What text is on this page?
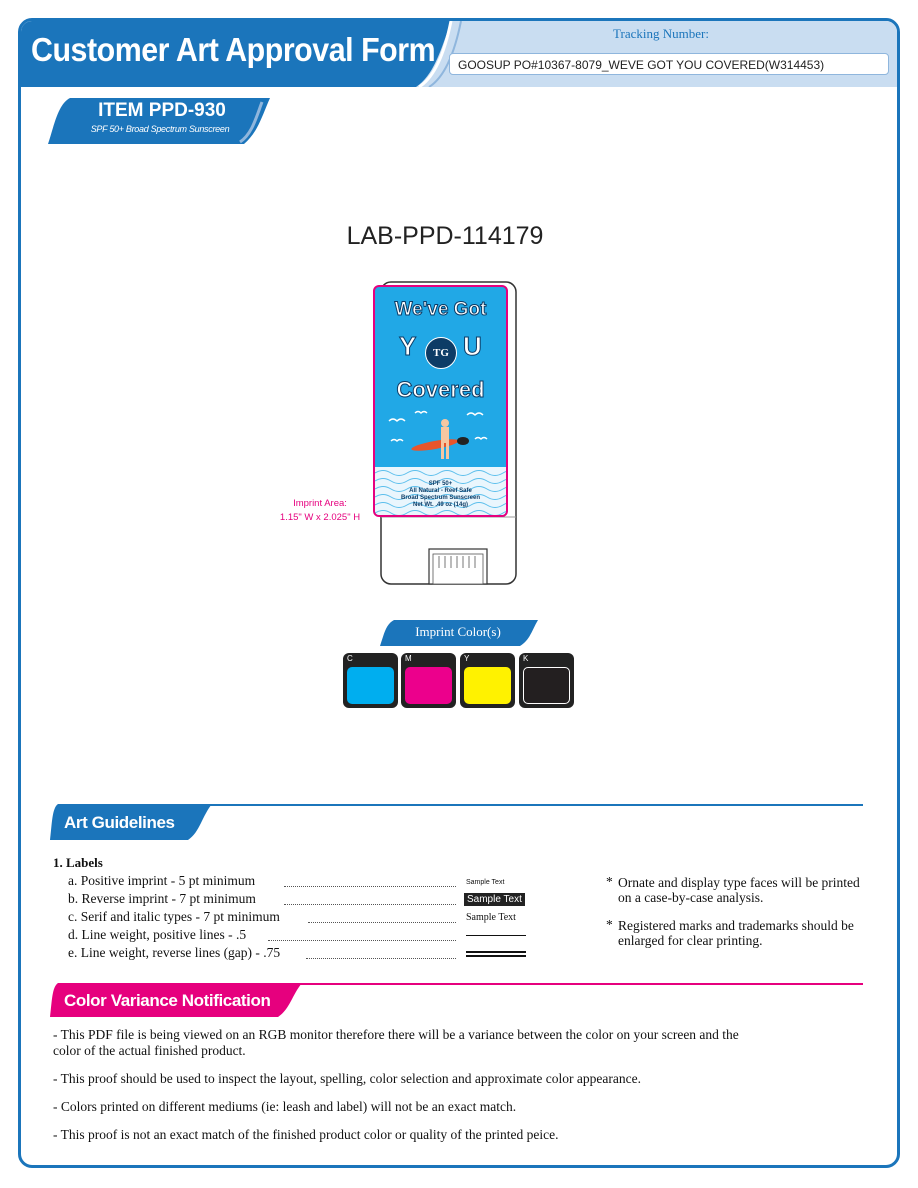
Customer Art Approval Form	Tracking Number:
GOOSUP PO#10367-8079_WEVE GOT YOU COVERED(W314453)
ITEM PPD-930
SPF 50+ Broad Spectrum Sunscreen
LAB-PPD-114179
We've Got
Y	TG U
Covered
SPF 50+
All Natural - Reef Safe
Broad Spectrum Sunscreen
Net Wt. .49 oz (14g)
Imprint Area:
1.15" W x 2.025" H
Imprint Color(s)
C	M	Y	K
Art Guidelines
1. Labels
a. Positive imprint - 5 pt minimum	Sample Text
b. Reverse imprint - 7 pt minimum	Sample Text
c. Serif and italic types - 7 pt minimum	Sample Text
d. Line weight, positive lines - .5
e. Line weight, reverse lines (gap) - .75
* Ornate and display type faces will be printed on a case-by-case analysis.
* Registered marks and trademarks should be enlarged for clear printing.
Color Variance Notification
- This PDF file is being viewed on an RGB monitor therefore there will be a variance between the color on your screen and the color of the actual finished product.
- This proof should be used to inspect the layout, spelling, color selection and approximate color appearance.
- Colors printed on different mediums (ie: leash and label) will not be an exact match.
- This proof is not an exact match of the finished product color or quality of the printed peice.
